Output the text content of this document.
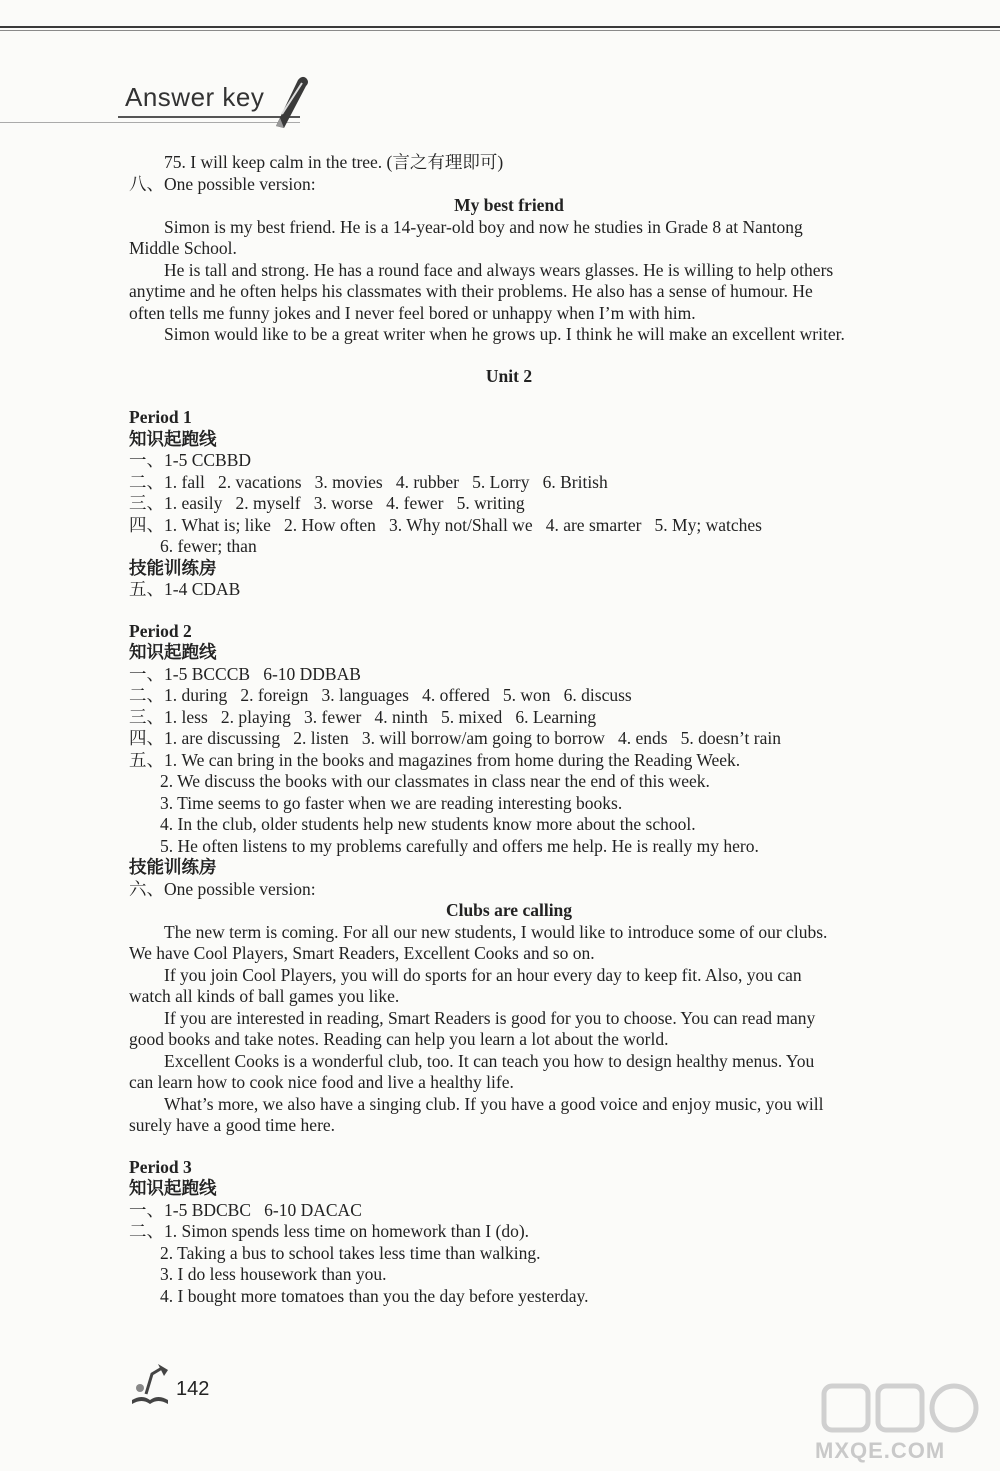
Answer key
75. I will keep calm in the tree. (言之有理即可)
八、One possible version:
My best friend
Simon is my best friend. He is a 14-year-old boy and now he studies in Grade 8 at Nantong
Middle School.
He is tall and strong. He has a round face and always wears glasses. He is willing to help others
anytime and he often helps his classmates with their problems. He also has a sense of humour. He
often tells me funny jokes and I never feel bored or unhappy when I’m with him.
Simon would like to be a great writer when he grows up. I think he will make an excellent writer.
Unit 2
Period 1
知识起跑线
一、1-5 CCBBD
二、1. fall   2. vacations   3. movies   4. rubber   5. Lorry   6. British
三、1. easily   2. myself   3. worse   4. fewer   5. writing
四、1. What is; like   2. How often   3. Why not/Shall we   4. are smarter   5. My; watches
6. fewer; than
技能训练房
五、1-4 CDAB
Period 2
知识起跑线
一、1-5 BCCCB   6-10 DDBAB
二、1. during   2. foreign   3. languages   4. offered   5. won   6. discuss
三、1. less   2. playing   3. fewer   4. ninth   5. mixed   6. Learning
四、1. are discussing   2. listen   3. will borrow/am going to borrow   4. ends   5. doesn’t rain
五、1. We can bring in the books and magazines from home during the Reading Week.
2. We discuss the books with our classmates in class near the end of this week.
3. Time seems to go faster when we are reading interesting books.
4. In the club, older students help new students know more about the school.
5. He often listens to my problems carefully and offers me help. He is really my hero.
技能训练房
六、One possible version:
Clubs are calling
The new term is coming. For all our new students, I would like to introduce some of our clubs.
We have Cool Players, Smart Readers, Excellent Cooks and so on.
If you join Cool Players, you will do sports for an hour every day to keep fit. Also, you can
watch all kinds of ball games you like.
If you are interested in reading, Smart Readers is good for you to choose. You can read many
good books and take notes. Reading can help you learn a lot about the world.
Excellent Cooks is a wonderful club, too. It can teach you how to design healthy menus. You
can learn how to cook nice food and live a healthy life.
What’s more, we also have a singing club. If you have a good voice and enjoy music, you will
surely have a good time here.
Period 3
知识起跑线
一、1-5 BDCBC   6-10 DACAC
二、1. Simon spends less time on homework than I (do).
2. Taking a bus to school takes less time than walking.
3. I do less housework than you.
4. I bought more tomatoes than you the day before yesterday.
142
MXQE.COM
